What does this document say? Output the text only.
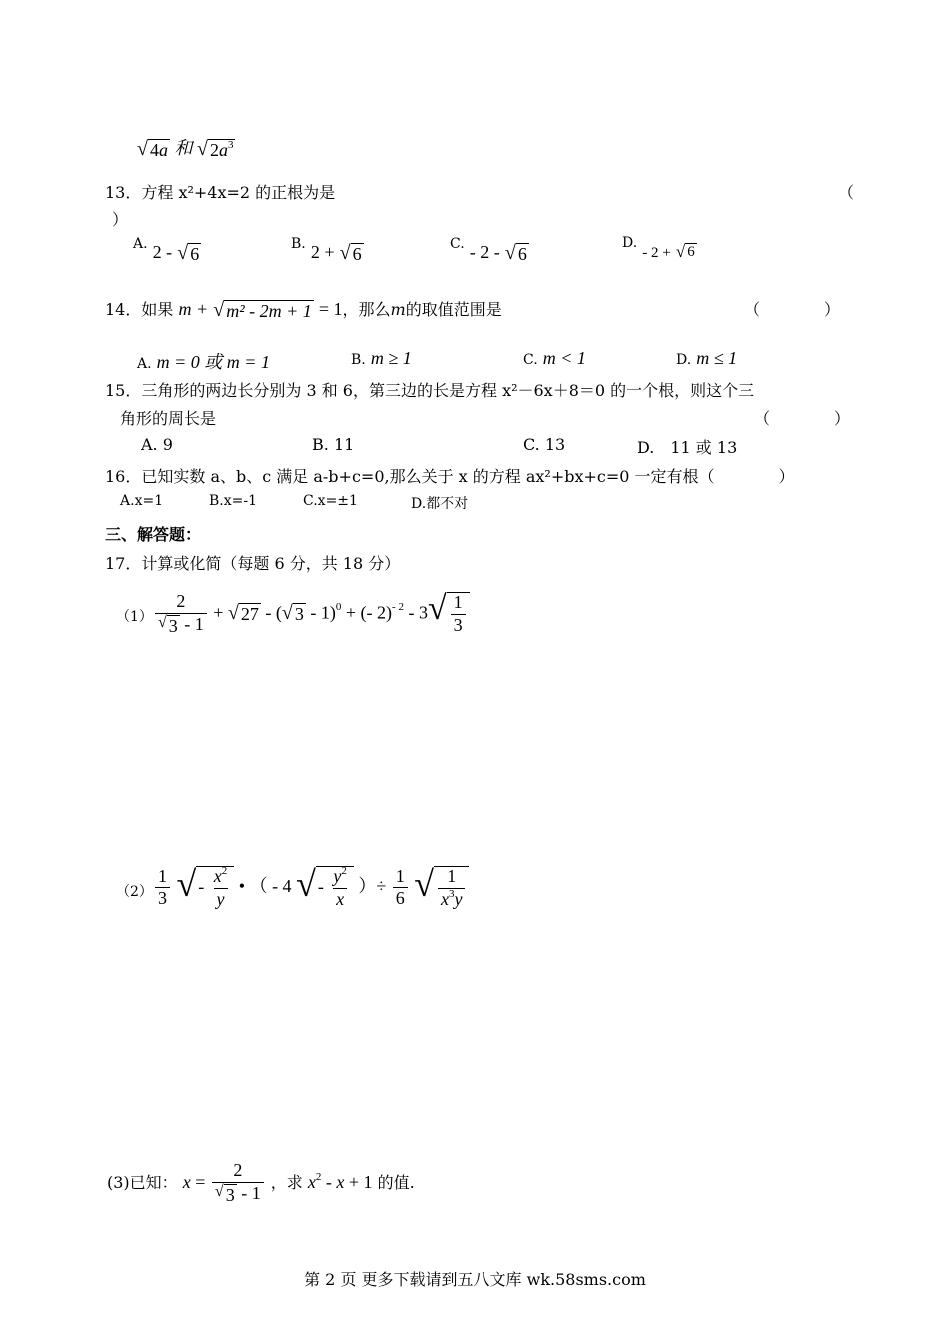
√ 4a 和 √ $2a^3$
13．方程 x²+4x=2 的正根为是	（
）
A. 2 - √ 6	B. 2 + √ 6	C. - 2 - √ 6
D. - 2 + √ 6
14．如果 m + √ m² - 2m + 1 = 1，那么m的取值范围是	（　　　　）
A. m = 0 或 m = 1	B. m ≥ 1	C. m < 1	D. m ≤ 1
15．三角形的两边长分别为 3 和 6，第三边的长是方程 x²－6x＋8＝0 的一个根，则这个三
角形的周长是	（　　　　）
A. 9	B. 11	C. 13	D.　 11 或 13
16．已知实数 a、b、c 满足 a-b+c=0,那么关于 x 的方程 ax²+bx+c=0 一定有根（　　　　）
A.x=1	B.x=-1	C.x=±1	D.都不对
三、解答题：
17．计算或化简（每题 6 分，共 18 分）
$(1) \frac{2}{√ 3 - 1}$ + √ 27 - ( √ 3 - 1)$^0$ + (- 2)$^{- 2}$ - 3 √ $\frac{1}{3}$
$(2) \frac{1}{3}$
√ - $\frac{x^2}{y}$ • （ - 4 √ - $\frac{y^2}{x}$ ）÷ $\frac{1}{6}$
√ $\frac{1}{x^3y}$
(3)已知： $x = \frac{2}{√ 3 - 1}$ ，求 $x^2 - x + 1$ 的值.
第 2 页 更多下载请到五八文库 wk.58sms.com
